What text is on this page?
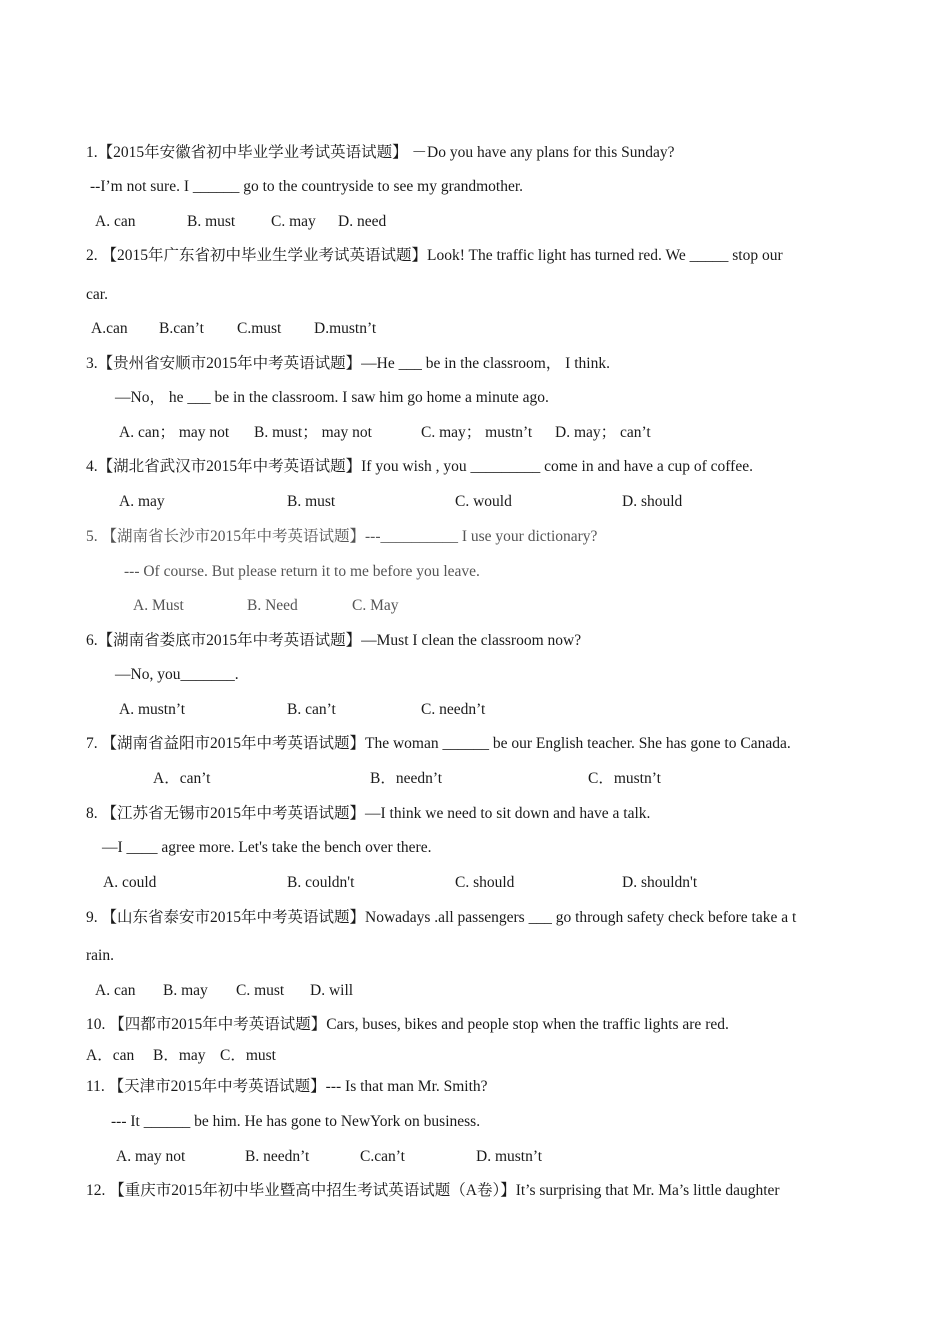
1.【2015年安徽省初中毕业学业考试英语试题】 －Do you have any plans for this Sunday?
--I’m not sure. I ______ go to the countryside to see my grandmother.
A. can	B. must C. may D. need
2. 【2015年广东省初中毕业生学业考试英语试题】Look! The traffic light has turned red. We _____ stop our
car.
A.can B.can’t C.must D.mustn’t
3.【贵州省安顺市2015年中考英语试题】—He ___ be in the classroom， I think.
—No， he ___ be in the classroom. I saw him go home a minute ago.
A. can； may not B. must； may not	C. may； mustn’t D. may； can’t
4.【湖北省武汉市2015年中考英语试题】If you wish , you _________ come in and have a cup of coffee.
A. may	B. must	C. would	D. should
5. 【湖南省长沙市2015年中考英语试题】---__________ I use your dictionary?
--- Of course. But please return it to me before you leave.
A. Must	B. Need	C. May
6.【湖南省娄底市2015年中考英语试题】—Must I clean the classroom now?
—No, you_______.
A. mustn’t	B. can’t	C. needn’t
7. 【湖南省益阳市2015年中考英语试题】The woman ______ be our English teacher. She has gone to Canada.
A．can’t	B．needn’t	C．mustn’t
8. 【江苏省无锡市2015年中考英语试题】—I think we need to sit down and have a talk.
—I ____ agree more. Let's take the bench over there.
A. could	B. couldn't	C. should	D. shouldn't
9. 【山东省泰安市2015年中考英语试题】Nowadays .all passengers ___ go through safety check before take a t
rain.
A. can B. may C. must D. will
10. 【四都市2015年中考英语试题】Cars, buses, bikes and people stop when the traffic lights are red.
A．can B．may C．must
11. 【天津市2015年中考英语试题】--- Is that man Mr. Smith?
--- It ______ be him. He has gone to NewYork on business.
A. may not	B. needn’t	C.can’t	D. mustn’t
12. 【重庆市2015年初中毕业暨高中招生考试英语试题（A卷）】It’s surprising that Mr. Ma’s little daughter
